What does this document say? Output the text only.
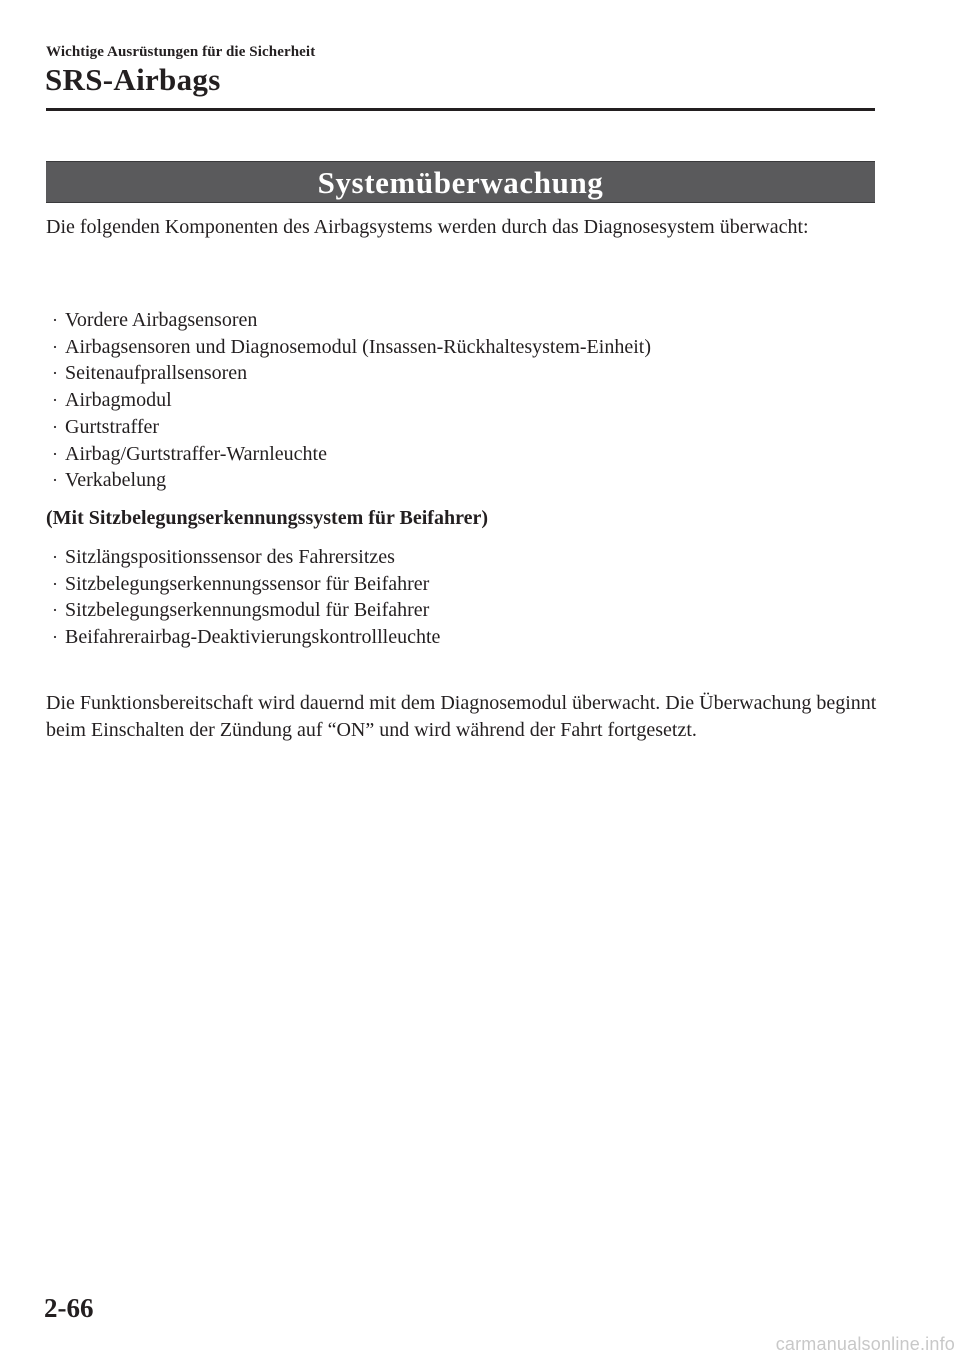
Wichtige Ausrüstungen für die Sicherheit
SRS-Airbags
Systemüberwachung

Die folgenden Komponenten des Airbagsystems werden durch das Diagnosesystem überwacht:

· Vordere Airbagsensoren
· Airbagsensoren und Diagnosemodul (Insassen-Rückhaltesystem-Einheit)
· Seitenaufprallsensoren
· Airbagmodul
· Gurtstraffer
· Airbag/Gurtstraffer-Warnleuchte
· Verkabelung
(Mit Sitzbelegungserkennungssystem für Beifahrer)
· Sitzlängspositionssensor des Fahrersitzes
· Sitzbelegungserkennungssensor für Beifahrer
· Sitzbelegungserkennungsmodul für Beifahrer
· Beifahrerairbag-Deaktivierungskontrollleuchte

Die Funktionsbereitschaft wird dauernd mit dem Diagnosemodul überwacht. Die Überwachung beginnt beim Einschalten der Zündung auf “ON” und wird während der Fahrt fortgesetzt.

2-66
carmanualsonline.info
